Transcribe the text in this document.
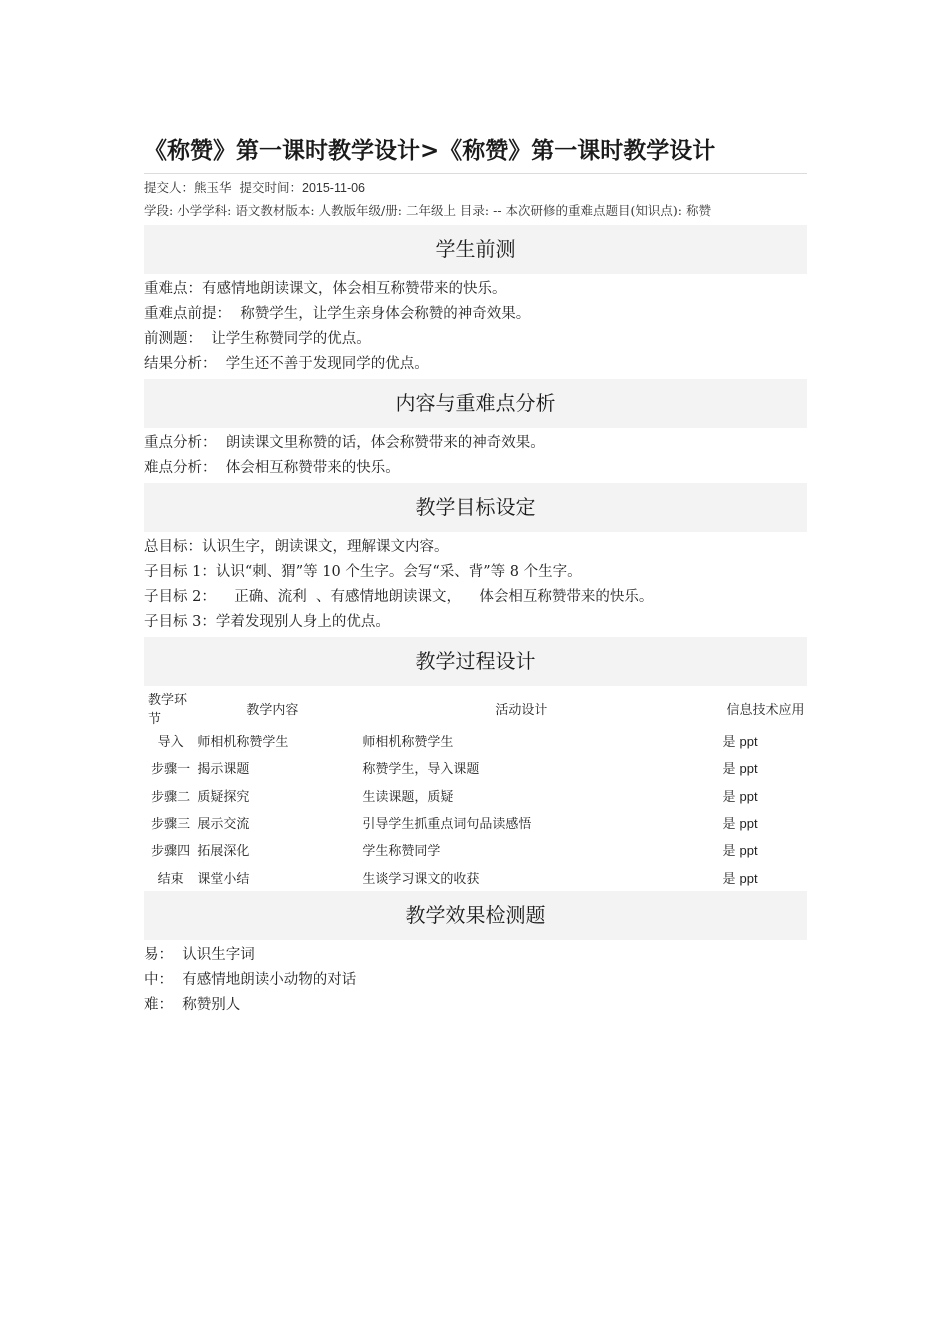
《称赞》第一课时教学设计>《称赞》第一课时教学设计
提交人：熊玉华 提交时间：2015-11-06
学段: 小学学科: 语文教材版本: 人教版年级/册: 二年级上 目录: -- 本次研修的重难点题目(知识点): 称赞
学生前测
重难点：有感情地朗读课文，体会相互称赞带来的快乐。
重难点前提：  称赞学生，让学生亲身体会称赞的神奇效果。
前测题：  让学生称赞同学的优点。
结果分析：  学生还不善于发现同学的优点。
内容与重难点分析
重点分析：  朗读课文里称赞的话，体会称赞带来的神奇效果。
难点分析：  体会相互称赞带来的快乐。
教学目标设定
总目标：认识生字，朗读课文，理解课文内容。
子目标 1：认识“刺、猬”等 10 个生字。会写“采、背”等 8 个生字。
子目标 2：    正确、流利  、有感情地朗读课文，    体会相互称赞带来的快乐。
子目标 3：学着发现别人身上的优点。
教学过程设计
教学环节	教学内容	活动设计	信息技术应用
导入	师相机称赞学生	师相机称赞学生	是 ppt
步骤一	揭示课题	称赞学生，导入课题	是 ppt
步骤二	质疑探究	生读课题，质疑	是 ppt
步骤三	展示交流	引导学生抓重点词句品读感悟	是 ppt
步骤四	拓展深化	学生称赞同学	是 ppt
结束	课堂小结	生谈学习课文的收获	是 ppt
教学效果检测题
易：  认识生字词
中：  有感情地朗读小动物的对话
难：  称赞别人
